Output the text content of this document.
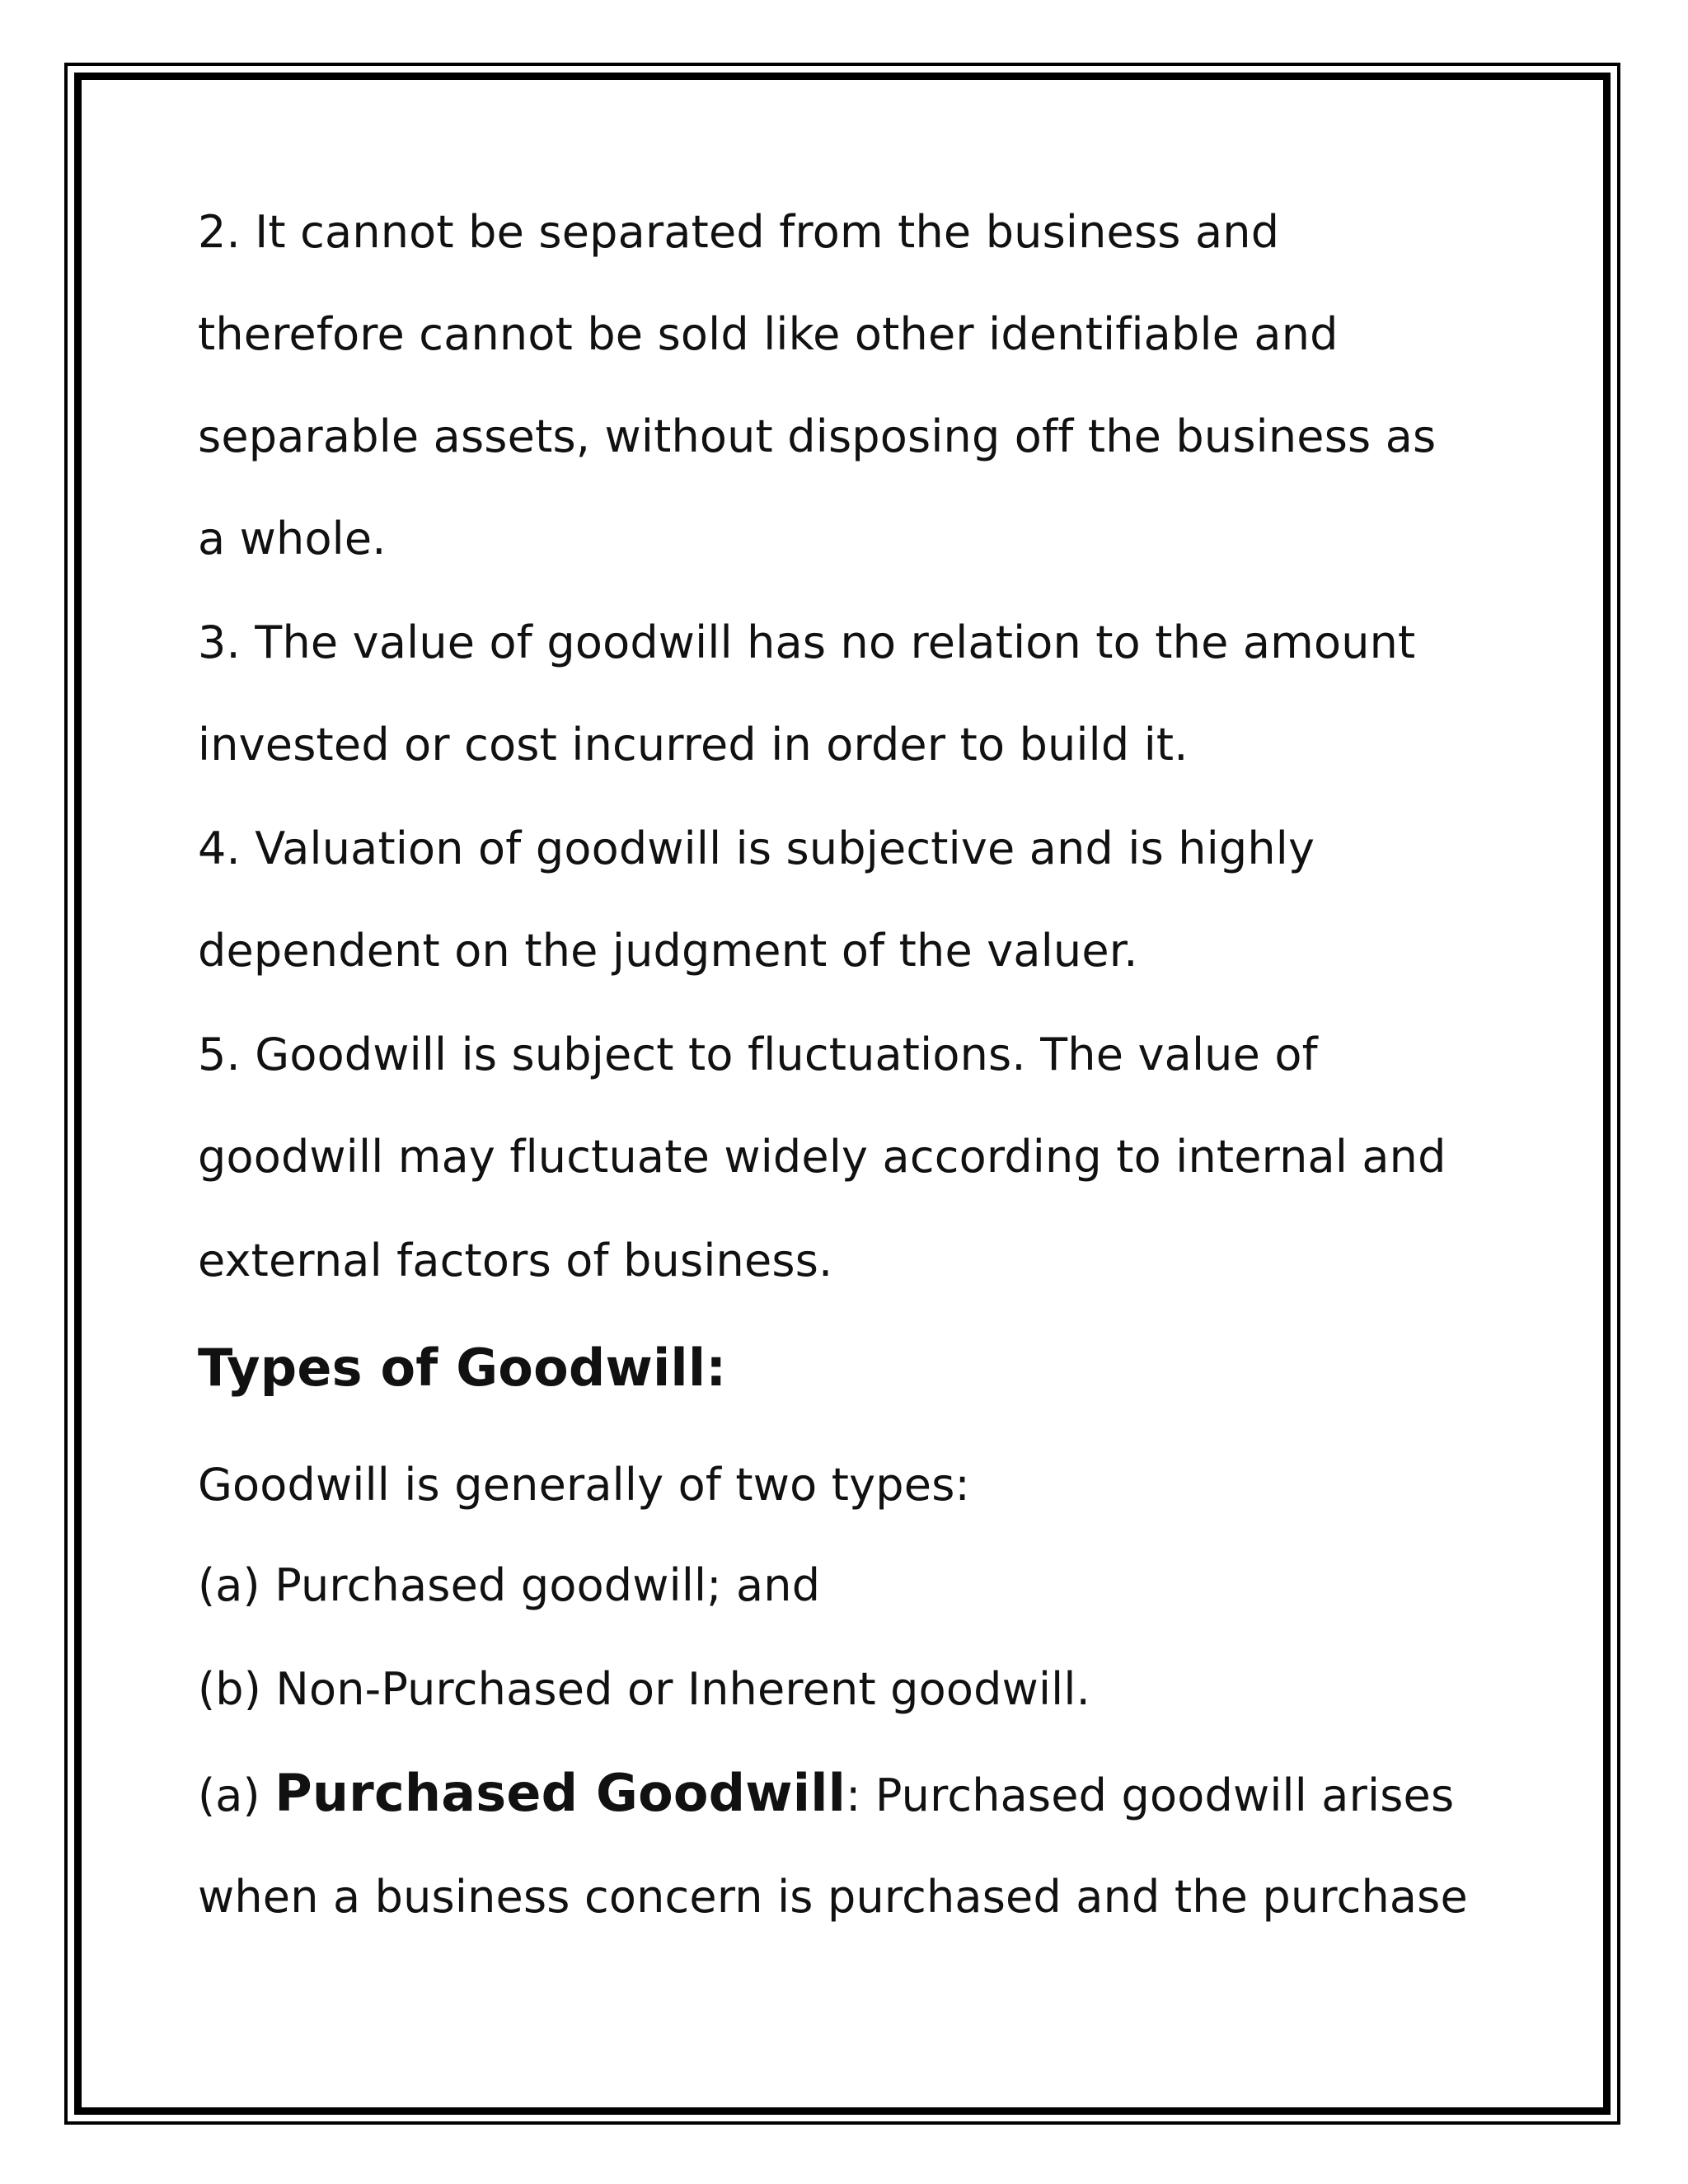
2. It cannot be separated from the business and
therefore cannot be sold like other identifiable and
separable assets, without disposing off the business as
a whole.
3. The value of goodwill has no relation to the amount
invested or cost incurred in order to build it.
4. Valuation of goodwill is subjective and is highly
dependent on the judgment of the valuer.
5. Goodwill is subject to fluctuations. The value of
goodwill may fluctuate widely according to internal and
external factors of business.
Types of Goodwill:
Goodwill is generally of two types:
(a) Purchased goodwill; and
(b) Non-Purchased or Inherent goodwill.
(a) Purchased Goodwill: Purchased goodwill arises
when a business concern is purchased and the purchase
